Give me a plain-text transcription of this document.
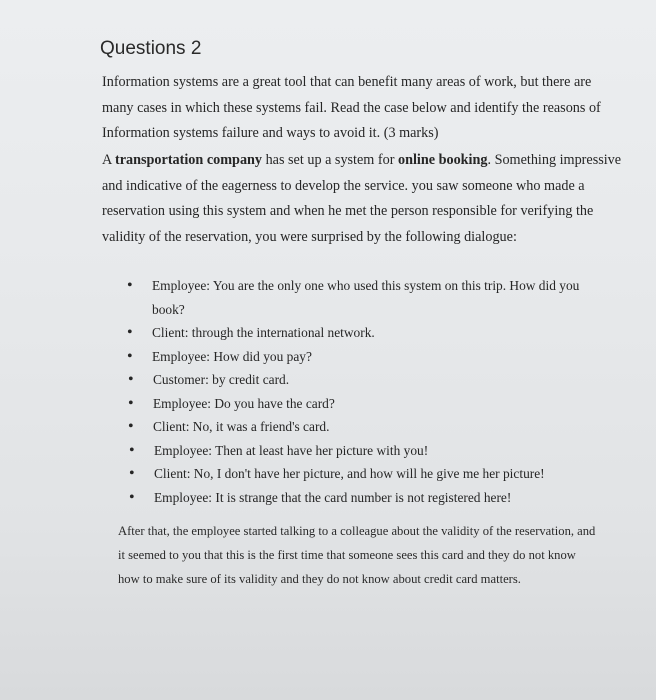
Questions 2

Information systems are a great tool that can benefit many areas of work, but there are many cases in which these systems fail. Read the case below and identify the reasons of Information systems failure and ways to avoid it. (3 marks)

A transportation company has set up a system for online booking. Something impressive and indicative of the eagerness to develop the service. you saw someone who made a reservation using this system and when he met the person responsible for verifying the validity of the reservation, you were surprised by the following dialogue:

• Employee: You are the only one who used this system on this trip. How did you book?
• Client: through the international network.
• Employee: How did you pay?
• Customer: by credit card.
• Employee: Do you have the card?
• Client: No, it was a friend's card.
• Employee: Then at least have her picture with you!
• Client: No, I don't have her picture, and how will he give me her picture!
• Employee: It is strange that the card number is not registered here!

After that, the employee started talking to a colleague about the validity of the reservation, and it seemed to you that this is the first time that someone sees this card and they do not know how to make sure of its validity and they do not know about credit card matters.
